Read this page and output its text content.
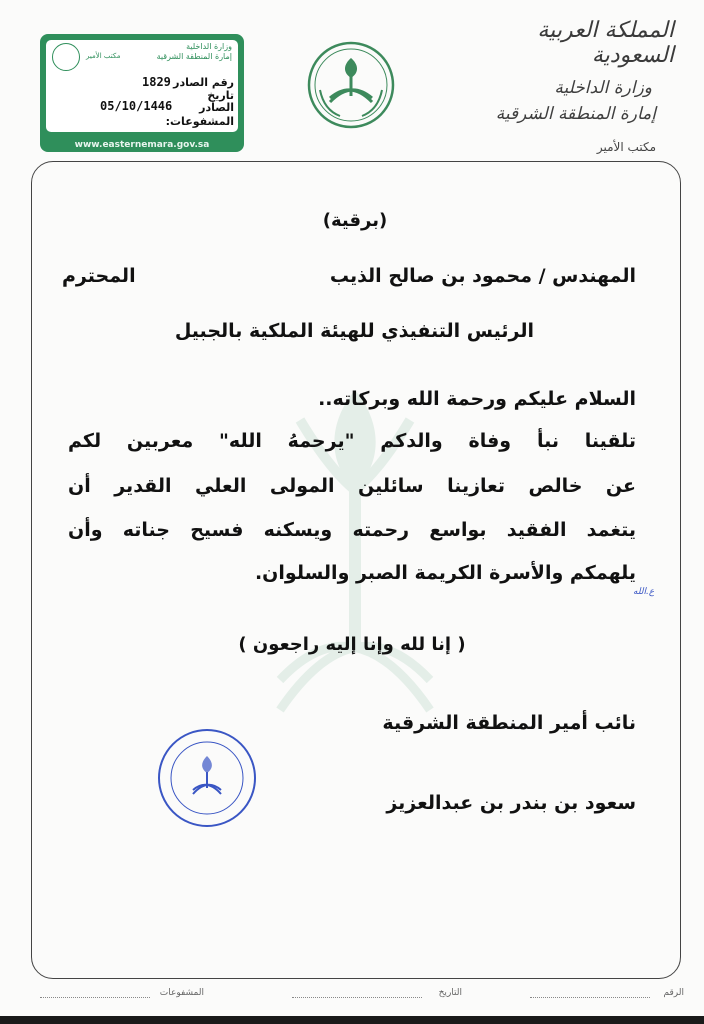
المملكة العربية السعودية
وزارة الداخلية
إمارة المنطقة الشرقية
مكتب الأمير
مكتب الأمير
وزارة الداخلية
إمارة المنطقة الشرقية
رقم الصادر
1829
تاريخ
الصادر
05/10/1446
المشفوعات:
www.easternemara.gov.sa
(برقية)
المهندس / محمود بن صالح الذيب
المحترم
الرئيس التنفيذي للهيئة الملكية بالجبيل
السلام عليكم ورحمة الله وبركاته..
تلقينا نبأ وفاة والدكم "يرحمهُ الله" معربين لكم
عن خالص تعازينا سائلين المولى العلي القدير أن
يتغمد الفقيد بواسع رحمته ويسكنه فسيح جناته وأن
يلهمكم والأسرة الكريمة الصبر والسلوان.
ع.الله
( إنا لله وإنا إليه راجعون )
نائب أمير المنطقة الشرقية
سعود بن بندر بن عبدالعزيز
الرقم
التاريخ
المشفوعات
